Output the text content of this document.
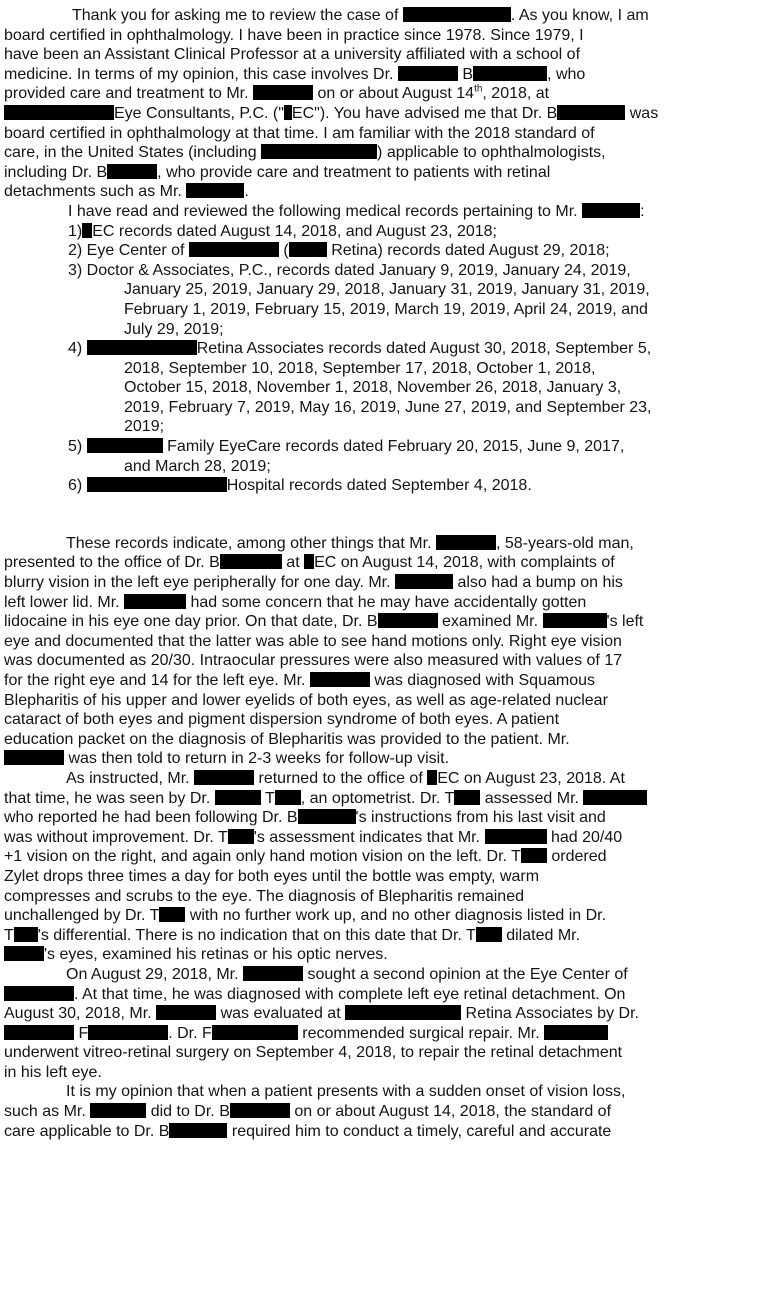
Thank you for asking me to review the case of	. As you know, I am
board certified in ophthalmology. I have been in practice since 1978. Since 1979, I
have been an Assistant Clinical Professor at a university affiliated with a school of
medicine. In terms of my opinion, this case involves Dr.	B	, who
provided care and treatment to Mr.	on or about August 14th, 2018, at
Eye Consultants, P.C. (" EC"). You have advised me that Dr. B	was
board certified in ophthalmology at that time. I am familiar with the 2018 standard of
care, in the United States (including	) applicable to ophthalmologists,
including Dr. B	, who provide care and treatment to patients with retinal
detachments such as Mr.	.
I have read and reviewed the following medical records pertaining to Mr.	:
1) EC records dated August 14, 2018, and August 23, 2018;
2) Eye Center of	(	Retina) records dated August 29, 2018;
3) Doctor & Associates, P.C., records dated January 9, 2019, January 24, 2019,
January 25, 2019, January 29, 2018, January 31, 2019, January 31, 2019,
February 1, 2019, February 15, 2019, March 19, 2019, April 24, 2019, and
July 29, 2019;
4)	Retina Associates records dated August 30, 2018, September 5,
2018, September 10, 2018, September 17, 2018, October 1, 2018,
October 15, 2018, November 1, 2018, November 26, 2018, January 3,
2019, February 7, 2019, May 16, 2019, June 27, 2019, and September 23,
2019;
5)	Family EyeCare records dated February 20, 2015, June 9, 2017,
and March 28, 2019;
6)	Hospital records dated September 4, 2018.
These records indicate, among other things that Mr.	, 58-years-old man,
presented to the office of Dr. B	at EC on August 14, 2018, with complaints of
blurry vision in the left eye peripherally for one day. Mr.	also had a bump on his
left lower lid. Mr.	had some concern that he may have accidentally gotten
lidocaine in his eye one day prior. On that date, Dr. B	examined Mr.	's left
eye and documented that the latter was able to see hand motions only. Right eye vision
was documented as 20/30. Intraocular pressures were also measured with values of 17
for the right eye and 14 for the left eye. Mr.	was diagnosed with Squamous
Blepharitis of his upper and lower eyelids of both eyes, as well as age-related nuclear
cataract of both eyes and pigment dispersion syndrome of both eyes. A patient
education packet on the diagnosis of Blepharitis was provided to the patient. Mr.
was then told to return in 2-3 weeks for follow-up visit.
As instructed, Mr.	returned to the office of EC on August 23, 2018. At
that time, he was seen by Dr.	T , an optometrist. Dr. T assessed Mr.
who reported he had been following Dr. B	's instructions from his last visit and
was without improvement. Dr. T 's assessment indicates that Mr.	had 20/40
+1 vision on the right, and again only hand motion vision on the left. Dr. T ordered
Zylet drops three times a day for both eyes until the bottle was empty, warm
compresses and scrubs to the eye. The diagnosis of Blepharitis remained
unchallenged by Dr. T with no further work up, and no other diagnosis listed in Dr.
T 's differential. There is no indication that on this date that Dr. T dilated Mr.
's eyes, examined his retinas or his optic nerves.
On August 29, 2018, Mr.	sought a second opinion at the Eye Center of
. At that time, he was diagnosed with complete left eye retinal detachment. On
August 30, 2018, Mr.	was evaluated at	Retina Associates by Dr.
F	. Dr. F	recommended surgical repair. Mr.
underwent vitreo-retinal surgery on September 4, 2018, to repair the retinal detachment
in his left eye.
It is my opinion that when a patient presents with a sudden onset of vision loss,
such as Mr.	did to Dr. B	on or about August 14, 2018, the standard of
care applicable to Dr. B	required him to conduct a timely, careful and accurate
